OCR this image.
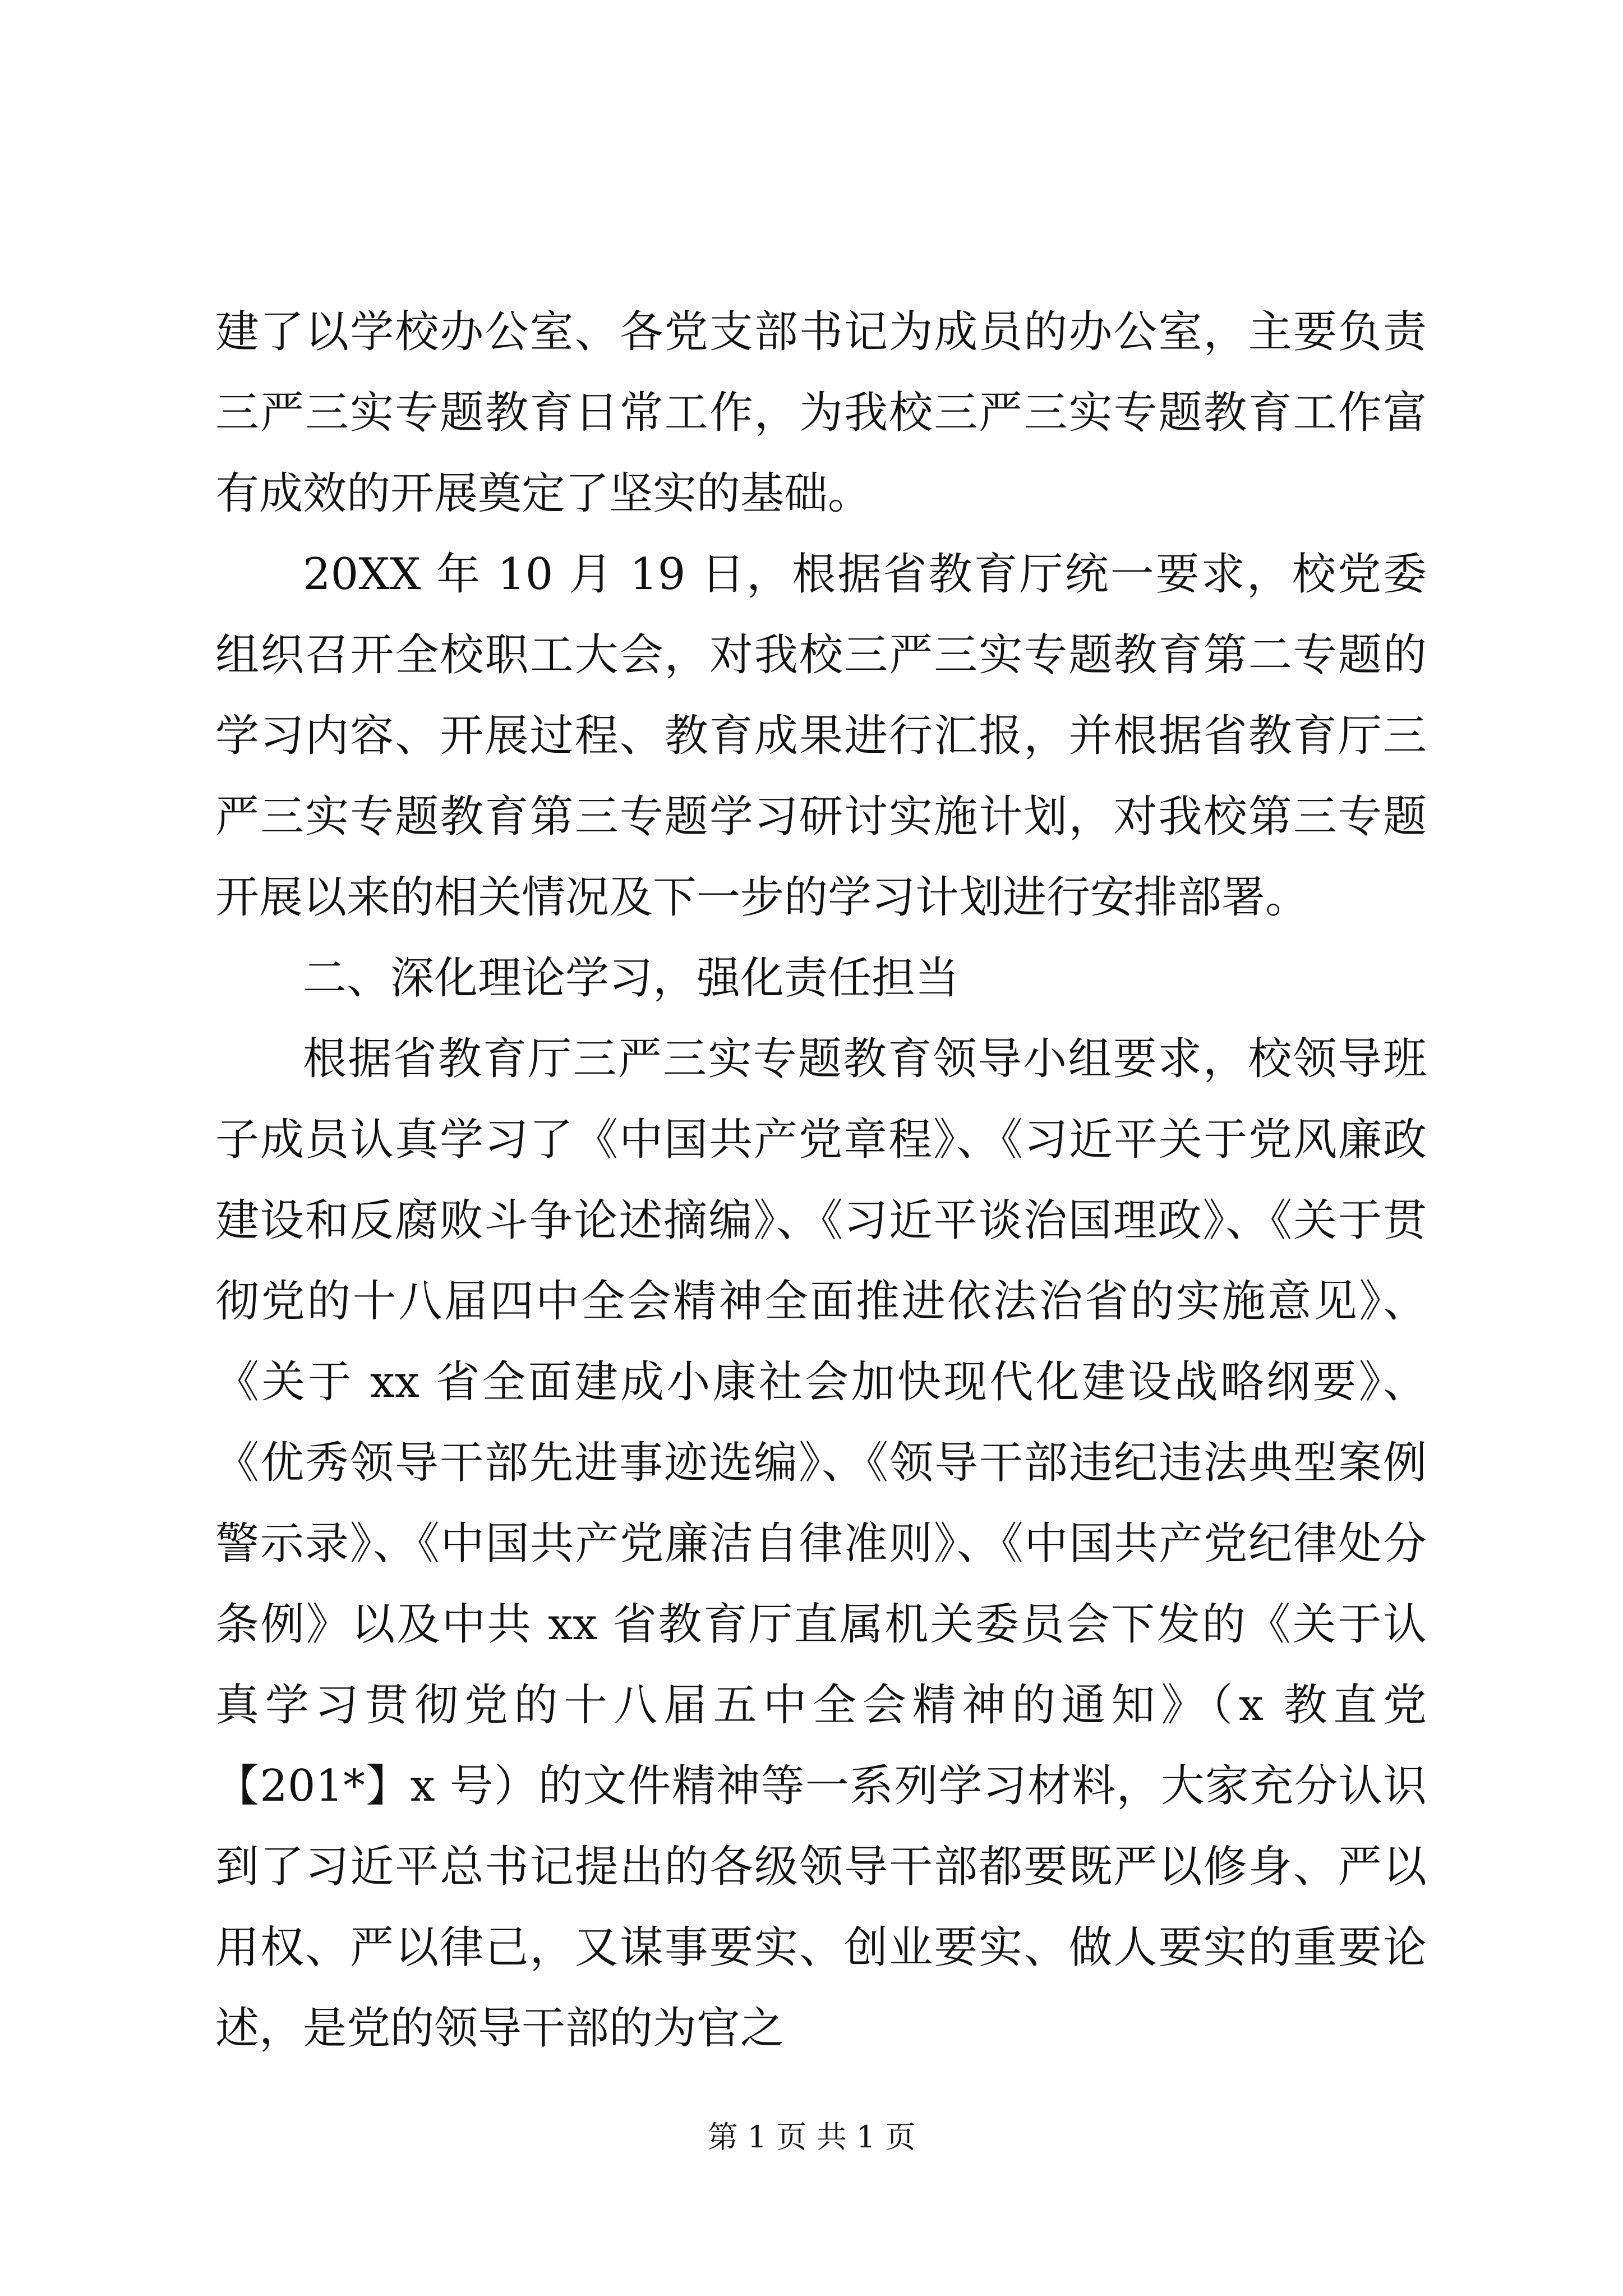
建了以学校办公室、各党支部书记为成员的办公室，主要负责三严三实专题教育日常工作，为我校三严三实专题教育工作富有成效的开展奠定了坚实的基础。

20XX 年 10 月 19 日，根据省教育厅统一要求，校党委组织召开全校职工大会，对我校三严三实专题教育第二专题的学习内容、开展过程、教育成果进行汇报，并根据省教育厅三严三实专题教育第三专题学习研讨实施计划，对我校第三专题开展以来的相关情况及下一步的学习计划进行安排部署。

二、深化理论学习，强化责任担当

根据省教育厅三严三实专题教育领导小组要求，校领导班子成员认真学习了《中国共产党章程》、《习近平关于党风廉政建设和反腐败斗争论述摘编》、《习近平谈治国理政》、《关于贯彻党的十八届四中全会精神全面推进依法治省的实施意见》、《关于 xx 省全面建成小康社会加快现代化建设战略纲要》、《优秀领导干部先进事迹选编》、《领导干部违纪违法典型案例警示录》、《中国共产党廉洁自律准则》、《中国共产党纪律处分条例》以及中共 xx 省教育厅直属机关委员会下发的《关于认真学习贯彻党的十八届五中全会精神的通知》（x 教直党【201*】x 号）的文件精神等一系列学习材料，大家充分认识到了习近平总书记提出的各级领导干部都要既严以修身、严以用权、严以律己，又谋事要实、创业要实、做人要实的重要论述，是党的领导干部的为官之

第 1 页 共 1 页
